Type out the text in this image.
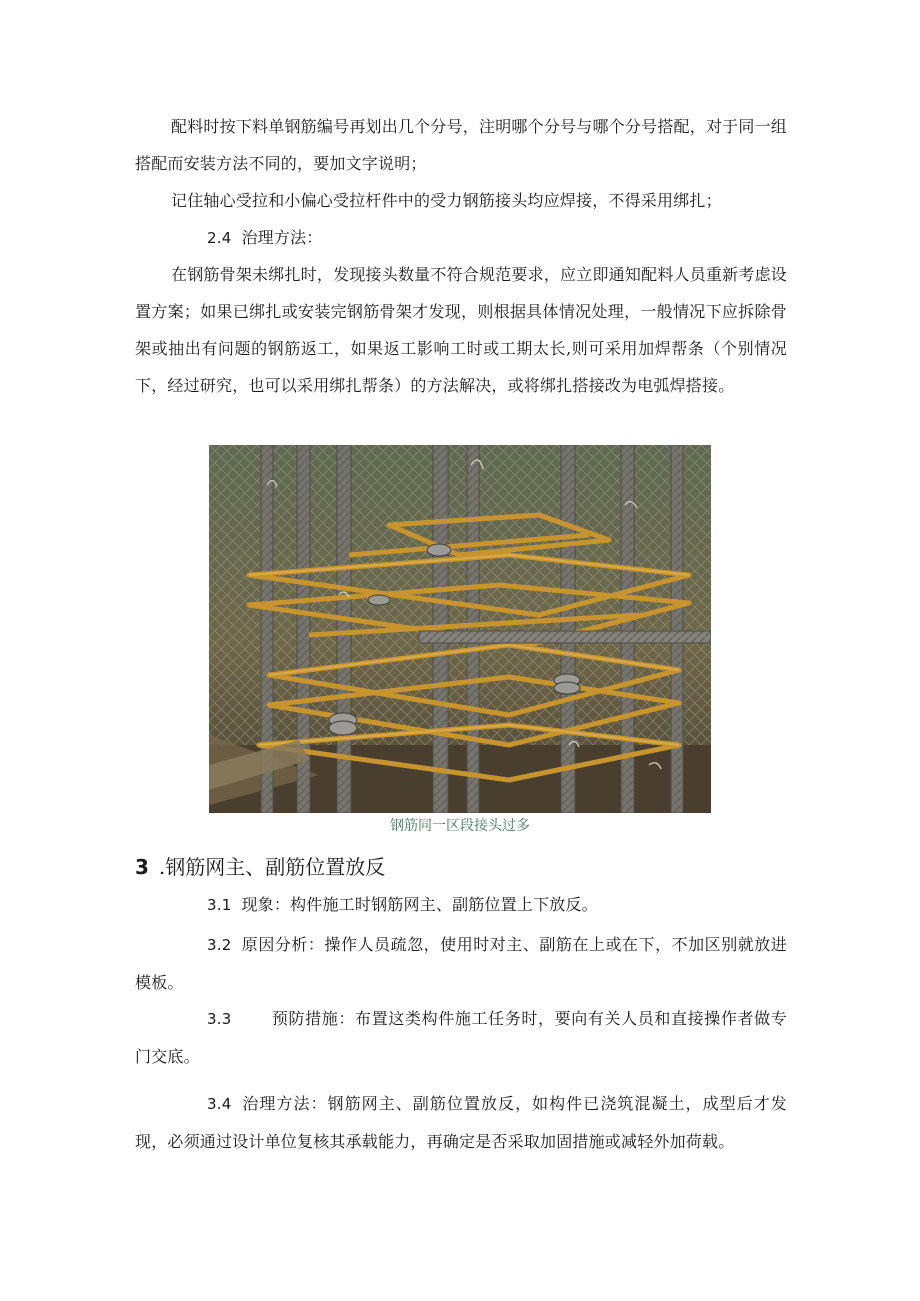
配料时按下料单钢筋编号再划出几个分号，注明哪个分号与哪个分号搭配，对于同一组搭配而安装方法不同的，要加文字说明；

记住轴心受拉和小偏心受拉杆件中的受力钢筋接头均应焊接，不得采用绑扎；

2.4 治理方法：

在钢筋骨架未绑扎时，发现接头数量不符合规范要求，应立即通知配料人员重新考虑设置方案；如果已绑扎或安装完钢筋骨架才发现，则根据具体情况处理，一般情况下应拆除骨架或抽出有问题的钢筋返工，如果返工影响工时或工期太长,则可采用加焊帮条（个别情况下，经过研究，也可以采用绑扎帮条）的方法解决，或将绑扎搭接改为电弧焊搭接。

钢筋同一区段接头过多
3 .钢筋网主、副筋位置放反

3.1 现象：构件施工时钢筋网主、副筋位置上下放反。

3.2 原因分析：操作人员疏忽，使用时对主、副筋在上或在下，不加区别就放进模板。

3.3	预防措施：布置这类构件施工任务时，要向有关人员和直接操作者做专门交底。

3.4 治理方法：钢筋网主、副筋位置放反，如构件已浇筑混凝土，成型后才发现，必须通过设计单位复核其承载能力，再确定是否采取加固措施或减轻外加荷载。
